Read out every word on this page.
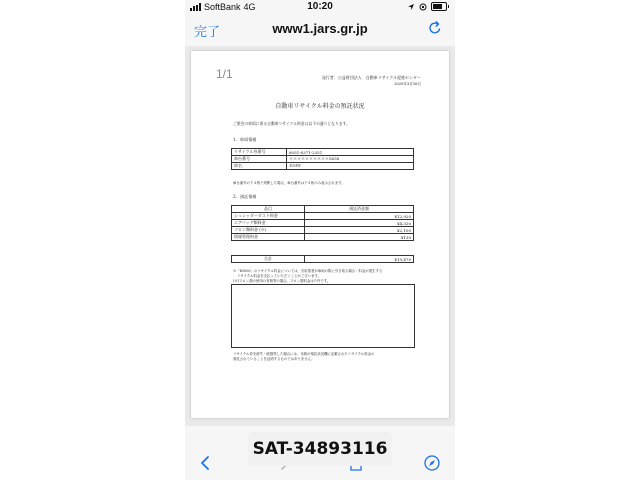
SoftBank 4G	10:20
完了	www1.jars.gr.jp
1/1	発行者：公益財団法人　自動車リサイクル促進センター
2020年3月16日
自動車リサイクル料金の預託状況
ご照会の車両に係る自動車リサイクル料金は以下の通りとなります。
1．車両情報
リサイクル券番号	8051-8371-2351
車台番号	＊＊＊＊＊＊＊＊＊＊5638
車名	ＢＭＷ
車台番号の下４桁で判断した場合、車台番号は下４桁のみ表示されます。
2．預託情報
品目	預託済金額
シュレッダーダスト料金	¥12,920
エアバッグ類料金	¥4,320
フロン類料金 (※)	¥2,100
情報管理料金	¥130
合計	¥19,470
※「¥0000」のリサイクル料金については、引取業者が車両の際に引き取る場合・料金が発生する
リサイクル料金を支払っていただくことがございます。
(※)フロン類の使用の有無等の場合、フロン類料金は０円です。
リサイクル券を紛失・破損等した場合には、本紙が預託状況欄に記載されたリサイクル料金の
預託されていることを証明するものではありません。
SAT-34893116
